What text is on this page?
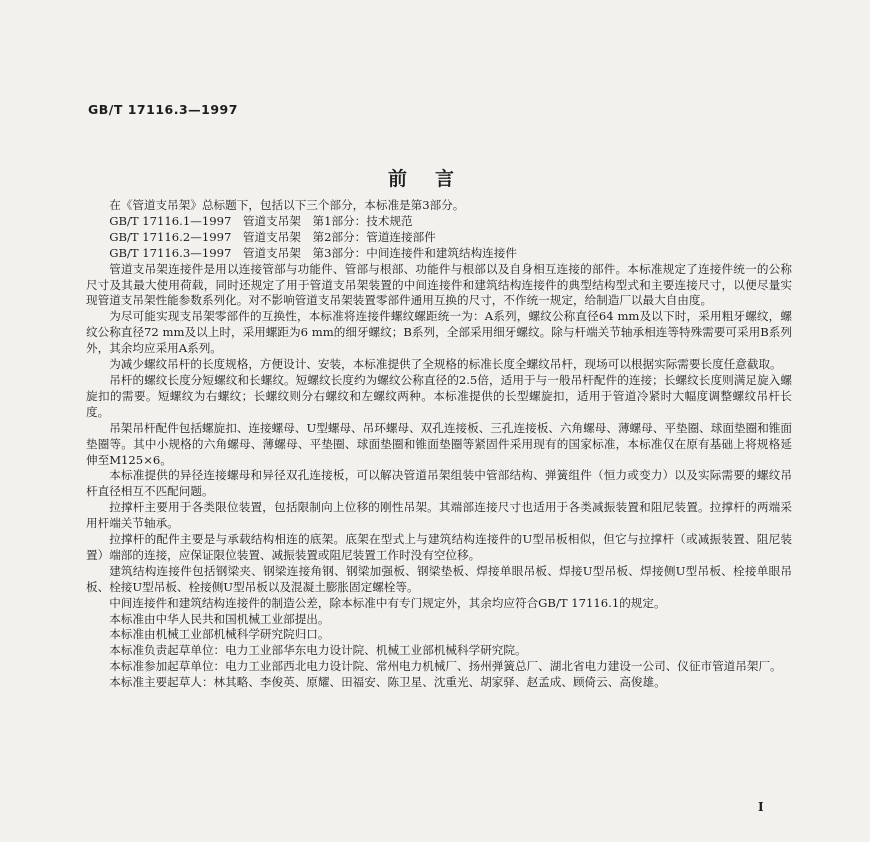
GB/T 17116.3—1997
前言

在《管道支吊架》总标题下，包括以下三个部分，本标准是第3部分。

GB/T 17116.1—1997　管道支吊架　第1部分：技术规范

GB/T 17116.2—1997　管道支吊架　第2部分：管道连接部件

GB/T 17116.3—1997　管道支吊架　第3部分：中间连接件和建筑结构连接件

管道支吊架连接件是用以连接管部与功能件、管部与根部、功能件与根部以及自身相互连接的部件。本标准规定了连接件统一的公称尺寸及其最大使用荷载，同时还规定了用于管道支吊架装置的中间连接件和建筑结构连接件的典型结构型式和主要连接尺寸，以便尽量实现管道支吊架性能参数系列化。对不影响管道支吊架装置零部件通用互换的尺寸，不作统一规定，给制造厂以最大自由度。

为尽可能实现支吊架零部件的互换性，本标准将连接件螺纹螺距统一为：A系列，螺纹公称直径64 mm及以下时，采用粗牙螺纹，螺纹公称直径72 mm及以上时，采用螺距为6 mm的细牙螺纹；B系列，全部采用细牙螺纹。除与杆端关节轴承相连等特殊需要可采用B系列外，其余均应采用A系列。

为减少螺纹吊杆的长度规格，方便设计、安装，本标准提供了全规格的标准长度全螺纹吊杆，现场可以根据实际需要长度任意截取。

吊杆的螺纹长度分短螺纹和长螺纹。短螺纹长度约为螺纹公称直径的2.5倍，适用于与一般吊杆配件的连接；长螺纹长度则满足旋入螺旋扣的需要。短螺纹为右螺纹；长螺纹则分右螺纹和左螺纹两种。本标准提供的长型螺旋扣，适用于管道冷紧时大幅度调整螺纹吊杆长度。

吊架吊杆配件包括螺旋扣、连接螺母、U型螺母、吊环螺母、双孔连接板、三孔连接板、六角螺母、薄螺母、平垫圈、球面垫圈和锥面垫圈等。其中小规格的六角螺母、薄螺母、平垫圈、球面垫圈和锥面垫圈等紧固件采用现有的国家标准，本标准仅在原有基础上将规格延伸至M125×6。

本标准提供的异径连接螺母和异径双孔连接板，可以解决管道吊架组装中管部结构、弹簧组件（恒力或变力）以及实际需要的螺纹吊杆直径相互不匹配问题。

拉撑杆主要用于各类限位装置，包括限制向上位移的刚性吊架。其端部连接尺寸也适用于各类减振装置和阻尼装置。拉撑杆的两端采用杆端关节轴承。

拉撑杆的配件主要是与承载结构相连的底架。底架在型式上与建筑结构连接件的U型吊板相似，但它与拉撑杆（或减振装置、阻尼装置）端部的连接，应保证限位装置、减振装置或阻尼装置工作时没有空位移。

建筑结构连接件包括钢梁夹、钢梁连接角钢、钢梁加强板、钢梁垫板、焊接单眼吊板、焊接U型吊板、焊接侧U型吊板、栓接单眼吊板、栓接U型吊板、栓接侧U型吊板以及混凝土膨胀固定螺栓等。

中间连接件和建筑结构连接件的制造公差，除本标准中有专门规定外，其余均应符合GB/T 17116.1的规定。

本标准由中华人民共和国机械工业部提出。

本标准由机械工业部机械科学研究院归口。

本标准负责起草单位：电力工业部华东电力设计院、机械工业部机械科学研究院。

本标准参加起草单位：电力工业部西北电力设计院、常州电力机械厂、扬州弹簧总厂、湖北省电力建设一公司、仪征市管道吊架厂。

本标准主要起草人：林其略、李俊英、原耀、田福安、陈卫星、沈重光、胡家驿、赵孟成、顾倚云、高俊雄。

Ⅰ
